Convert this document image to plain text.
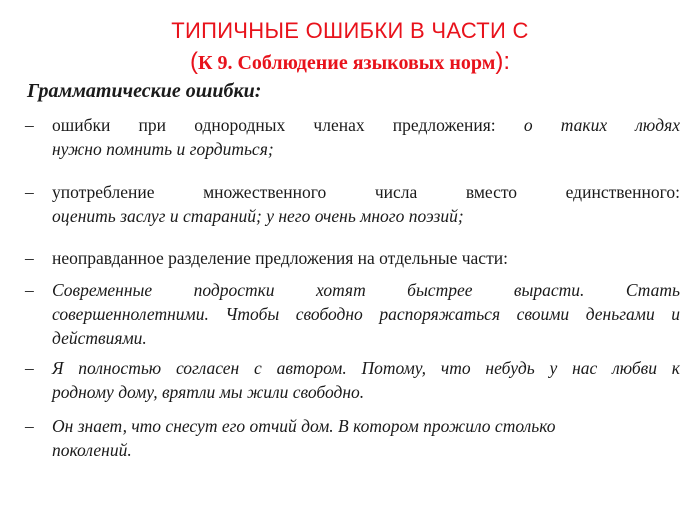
ТИПИЧНЫЕ ОШИБКИ В ЧАСТИ С
(К 9. Соблюдение языковых норм):
Грамматические ошибки:
–	ошибки при однородных членах предложения: о таких людях
нужно помнить и гордиться;
–	употребление множественного числа вместо единственного:
оценить заслуг и стараний; у него очень много поэзий;
–	неоправданное разделение предложения на отдельные части:
–	Современные подростки хотят быстрее вырасти. Стать
совершеннолетними. Чтобы свободно распоряжаться своими деньгами и
действиями.
–	Я полностью согласен с автором. Потому, что небудь у нас любви к
родному дому, врятли мы жили свободно.
–	Он знает, что снесут его отчий дом. В котором прожило столько
поколений.
